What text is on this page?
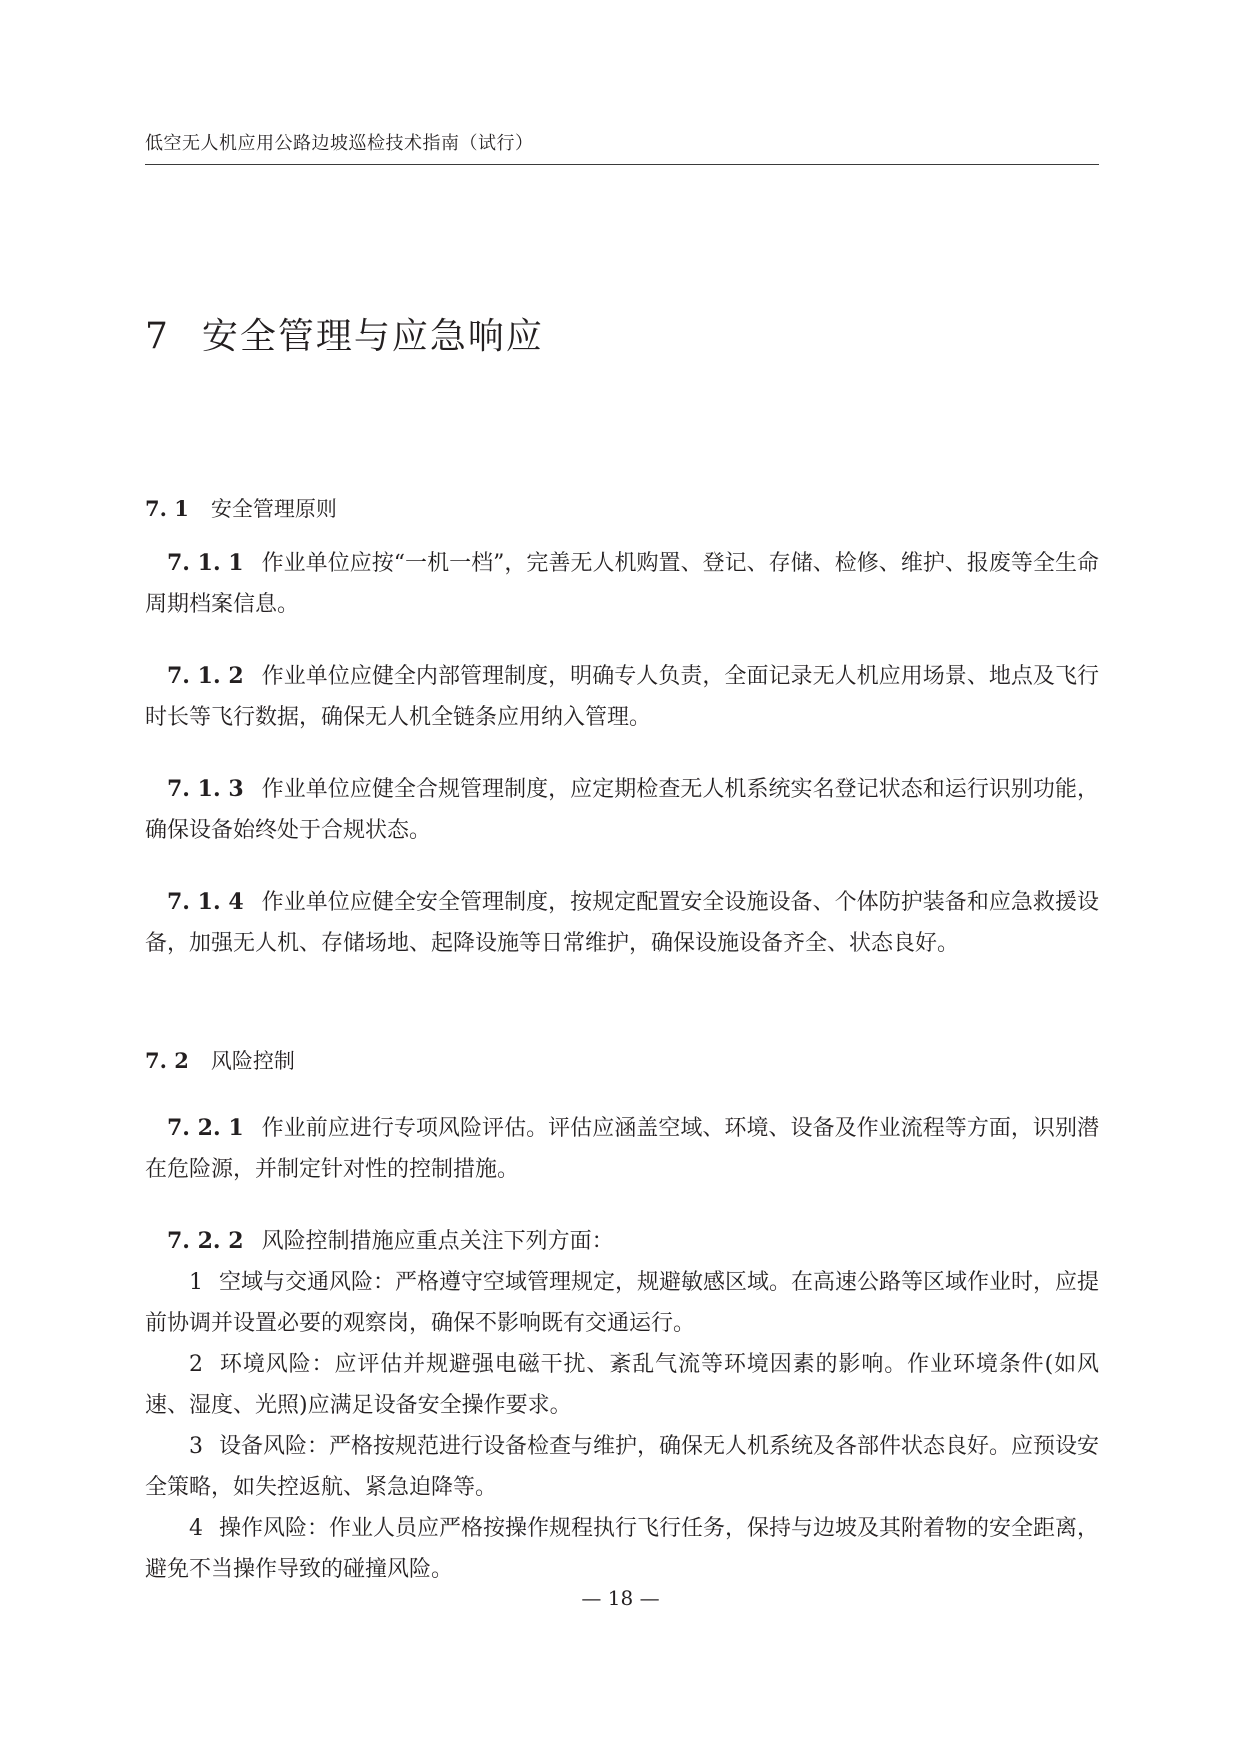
低空无人机应用公路边坡巡检技术指南（试行）
7 安全管理与应急响应
7. 1 安全管理原则
7. 1. 1 作业单位应按“一机一档”，完善无人机购置、登记、存储、检修、维护、报废等全生命周期档案信息。
7. 1. 2 作业单位应健全内部管理制度，明确专人负责，全面记录无人机应用场景、地点及飞行时长等飞行数据，确保无人机全链条应用纳入管理。
7. 1. 3 作业单位应健全合规管理制度，应定期检查无人机系统实名登记状态和运行识别功能，确保设备始终处于合规状态。
7. 1. 4 作业单位应健全安全管理制度，按规定配置安全设施设备、个体防护装备和应急救援设备，加强无人机、存储场地、起降设施等日常维护，确保设施设备齐全、状态良好。
7. 2 风险控制
7. 2. 1 作业前应进行专项风险评估。评估应涵盖空域、环境、设备及作业流程等方面，识别潜在危险源，并制定针对性的控制措施。
7. 2. 2 风险控制措施应重点关注下列方面：
1 空域与交通风险：严格遵守空域管理规定，规避敏感区域。在高速公路等区域作业时，应提前协调并设置必要的观察岗，确保不影响既有交通运行。
2 环境风险：应评估并规避强电磁干扰、紊乱气流等环境因素的影响。作业环境条件(如风速、湿度、光照)应满足设备安全操作要求。
3 设备风险：严格按规范进行设备检查与维护，确保无人机系统及各部件状态良好。应预设安全策略，如失控返航、紧急迫降等。
4 操作风险：作业人员应严格按操作规程执行飞行任务，保持与边坡及其附着物的安全距离，避免不当操作导致的碰撞风险。
— 18 —
